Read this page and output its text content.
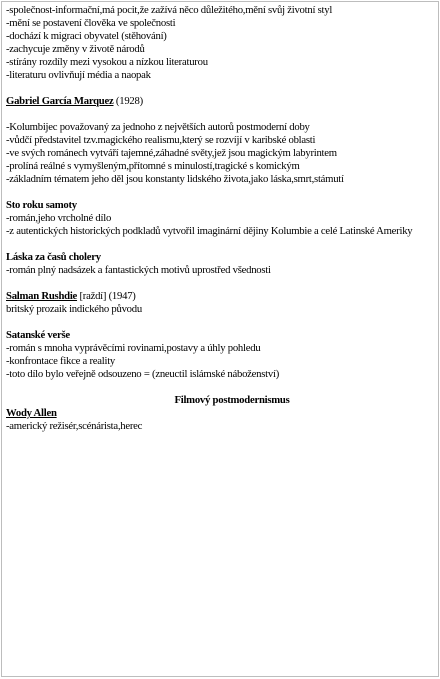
-společnost-informační,má pocit,že zažívá něco důležitého,mění svůj životní styl
-mění se postavení člověka ve společnosti
-dochází k migraci obyvatel (stěhování)
-zachycuje změny v životě národů
-stírány rozdíly mezi vysokou a nízkou literaturou
-literaturu ovlivňují média a naopak
Gabriel García Marquez (1928)
-Kolumbijec považovaný za jednoho z největších autorů postmoderní doby
-vůdčí představitel tzv.magického realismu,který se rozvíjí v karibské oblasti
-ve svých románech vytváří tajemné,záhadné světy,jež jsou magickým labyrintem
-prolíná reálné s vymyšleným,přítomné s minulostí,tragické s komickým
-základním tématem jeho děl jsou konstanty lidského života,jako láska,smrt,stámutí
Sto roku samoty
-román,jeho vrcholné dílo
-z autentických historických podkladů vytvořil imaginární dějiny Kolumbie a celé Latinské Ameriky
Láska za časů cholery
-román plný nadsázek a fantastických motivů uprostřed všednosti
Salman Rushdie [raždí] (1947)
britský prozaik indického původu
Satanské verše
-román s mnoha vyprávěcími rovinami,postavy a úhly pohledu
-konfrontace fikce a reality
-toto dílo bylo veřejně odsouzeno = (zneuctil islámské náboženství)
Filmový postmodernismus
Wody Allen
-americký režisér,scénárista,herec
